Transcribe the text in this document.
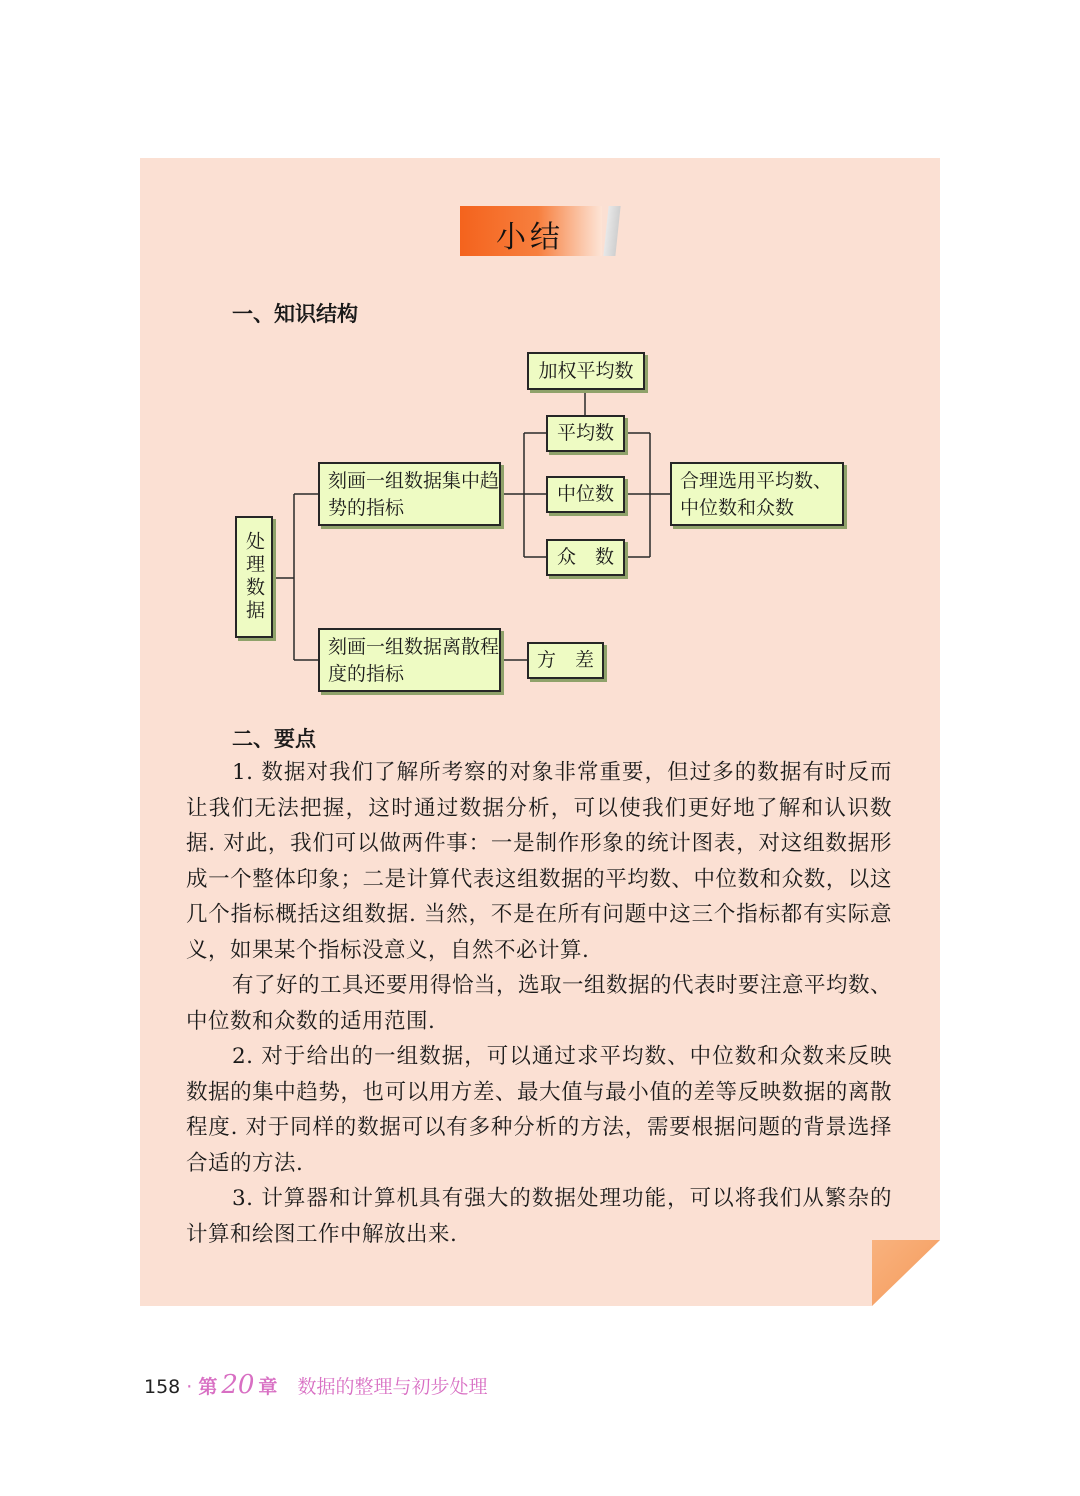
小结
一、知识结构
处理数据
刻画一组数据集中趋势的指标
刻画一组数据离散程度的指标
加权平均数
平均数
中位数
众　数
合理选用平均数、中位数和众数
方　差
二、要点
1. 数据对我们了解所考察的对象非常重要，但过多的数据有时反而让我们无法把握，这时通过数据分析，可以使我们更好地了解和认识数据. 对此，我们可以做两件事：一是制作形象的统计图表，对这组数据形成一个整体印象；二是计算代表这组数据的平均数、中位数和众数，以这几个指标概括这组数据. 当然，不是在所有问题中这三个指标都有实际意义，如果某个指标没意义，自然不必计算.
有了好的工具还要用得恰当，选取一组数据的代表时要注意平均数、中位数和众数的适用范围.
2. 对于给出的一组数据，可以通过求平均数、中位数和众数来反映数据的集中趋势，也可以用方差、最大值与最小值的差等反映数据的离散程度. 对于同样的数据可以有多种分析的方法，需要根据问题的背景选择合适的方法.
3. 计算器和计算机具有强大的数据处理功能，可以将我们从繁杂的计算和绘图工作中解放出来.
158 · 第 20 章 数据的整理与初步处理
